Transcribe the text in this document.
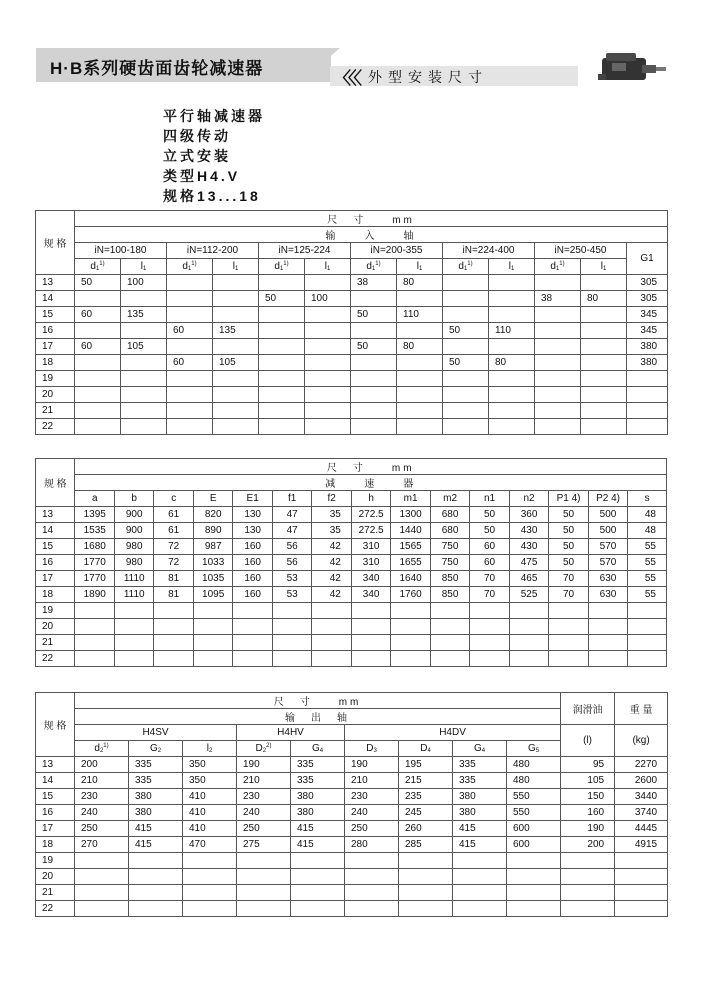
H·B系列硬齿面齿轮减速器
〈〈〈 外型安装尺寸
平行轴减速器
四级传动
立式安装
类型H4.V
规格13...18
规 格	尺　寸　　mm												
	输　　入　　轴												
	iN=100-180		iN=112-200		iN=125-224		iN=200-355		iN=224-400		iN=250-450		G1
	$d_1^{1)}$	$l_1$	$d_1^{1)}$	$l_1$	$d_1^{1)}$	$l_1$	$d_1^{1)}$	$l_1$	$d_1^{1)}$	$l_1$	$d_1^{1)}$	$l_1$
13	50	100					38	80					305
14					50	100					38	80	305
15	60	135					50	110					345
16			60	135					50	110			345
17	60	105					50	80					380
18			60	105					50	80			380
19													
20													
21													
22													
规 格	尺　寸　　mm														
	减　　速　　器														
	a	b	c	E	E1	f1	f2	h	m1	m2	n1	n2	P1 4)	P2 4)	s
13	1395	900	61	820	130	47	35	272.5	1300	680	50	360	50	500	48
14	1535	900	61	890	130	47	35	272.5	1440	680	50	430	50	500	48
15	1680	980	72	987	160	56	42	310	1565	750	60	430	50	570	55
16	1770	980	72	1033	160	56	42	310	1655	750	60	475	50	570	55
17	1770	1110	81	1035	160	53	42	340	1640	850	70	465	70	630	55
18	1890	1110	81	1095	160	53	42	340	1760	850	70	525	70	630	55
19															
20															
21															
22															
规 格	尺　寸　　mm									润滑油	重 量
	输　出　轴										
	H4SV			H4HV		H4DV				(l)	(kg)
	$d_2^{1)}$	$G_2$	$l_2$	$D_2^{2)}$	$G_4$	$D_3$	$D_4$	$G_4$	$G_5$
13	200	335	350	190	335	190	195	335	480	95	2270
14	210	335	350	210	335	210	215	335	480	105	2600
15	230	380	410	230	380	230	235	380	550	150	3440
16	240	380	410	240	380	240	245	380	550	160	3740
17	250	415	410	250	415	250	260	415	600	190	4445
18	270	415	470	275	415	280	285	415	600	200	4915
19											
20											
21											
22											
